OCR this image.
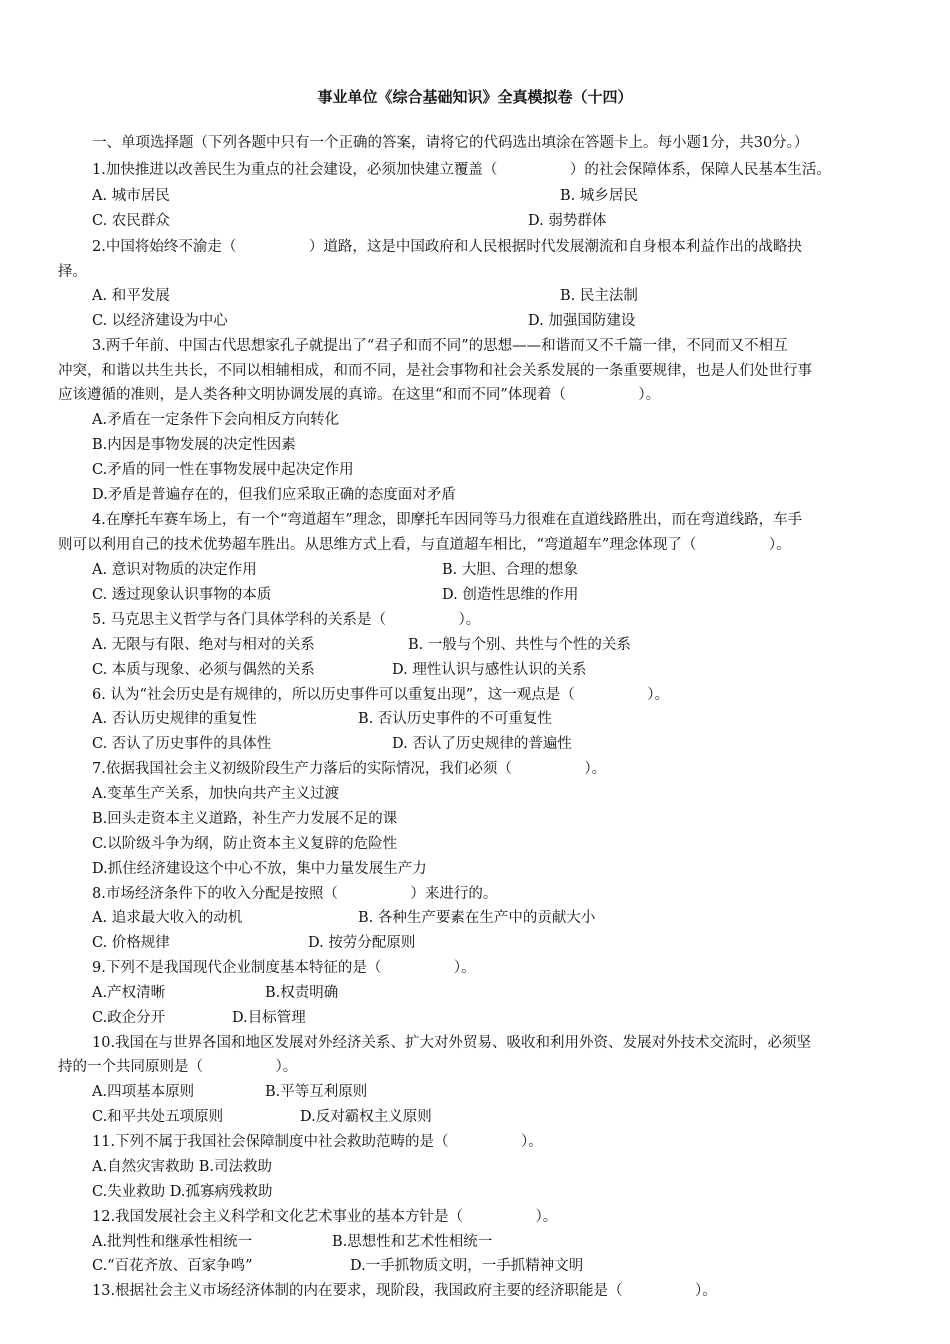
事业单位《综合基础知识》全真模拟卷（十四）
一、单项选择题（下列各题中只有一个正确的答案，请将它的代码选出填涂在答题卡上。每小题1分，共30分。）
1.加快推进以改善民生为重点的社会建设，必须加快建立覆盖（　　　　　）的社会保障体系，保障人民基本生活。
A. 城市居民	B. 城乡居民
C. 农民群众	D. 弱势群体
2.中国将始终不渝走（　　　　　）道路，这是中国政府和人民根据时代发展潮流和自身根本利益作出的战略抉
择。
A. 和平发展	B. 民主法制
C. 以经济建设为中心	D. 加强国防建设
3.两千年前、中国古代思想家孔子就提出了“君子和而不同”的思想——和谐而又不千篇一律，不同而又不相互
冲突，和谐以共生共长，不同以相辅相成，和而不同，是社会事物和社会关系发展的一条重要规律，也是人们处世行事
应该遵循的准则，是人类各种文明协调发展的真谛。在这里“和而不同”体现着（　　　　　）。
A.矛盾在一定条件下会向相反方向转化
B.内因是事物发展的决定性因素
C.矛盾的同一性在事物发展中起决定作用
D.矛盾是普遍存在的，但我们应采取正确的态度面对矛盾
4.在摩托车赛车场上，有一个“弯道超车”理念，即摩托车因同等马力很难在直道线路胜出，而在弯道线路，车手
则可以利用自己的技术优势超车胜出。从思维方式上看，与直道超车相比，“弯道超车”理念体现了（　　　　　）。
A. 意识对物质的决定作用	B. 大胆、合理的想象
C. 透过现象认识事物的本质	D. 创造性思维的作用
5. 马克思主义哲学与各门具体学科的关系是（　　　　　）。
A. 无限与有限、绝对与相对的关系	B. 一般与个别、共性与个性的关系
C. 本质与现象、必须与偶然的关系	D. 理性认识与感性认识的关系
6. 认为“社会历史是有规律的，所以历史事件可以重复出现”，这一观点是（　　　　　）。
A. 否认历史规律的重复性	B. 否认历史事件的不可重复性
C. 否认了历史事件的具体性	D. 否认了历史规律的普遍性
7.依据我国社会主义初级阶段生产力落后的实际情况，我们必须（　　　　　）。
A.变革生产关系，加快向共产主义过渡
B.回头走资本主义道路，补生产力发展不足的课
C.以阶级斗争为纲，防止资本主义复辟的危险性
D.抓住经济建设这个中心不放，集中力量发展生产力
8.市场经济条件下的收入分配是按照（　　　　　）来进行的。
A. 追求最大收入的动机	B. 各种生产要素在生产中的贡献大小
C. 价格规律	D. 按劳分配原则
9.下列不是我国现代企业制度基本特征的是（　　　　　）。
A.产权清晰	B.权责明确
C.政企分开	D.目标管理
10.我国在与世界各国和地区发展对外经济关系、扩大对外贸易、吸收和利用外资、发展对外技术交流时，必须坚
持的一个共同原则是（　　　　　）。
A.四项基本原则	B.平等互利原则
C.和平共处五项原则	D.反对霸权主义原则
11.下列不属于我国社会保障制度中社会救助范畴的是（　　　　　）。
A.自然灾害救助 B.司法救助
C.失业救助 D.孤寡病残救助
12.我国发展社会主义科学和文化艺术事业的基本方针是（　　　　　）。
A.批判性和继承性相统一	B.思想性和艺术性相统一
C.“百花齐放、百家争鸣”	D.一手抓物质文明，一手抓精神文明
13.根据社会主义市场经济体制的内在要求，现阶段，我国政府主要的经济职能是（　　　　　）。
